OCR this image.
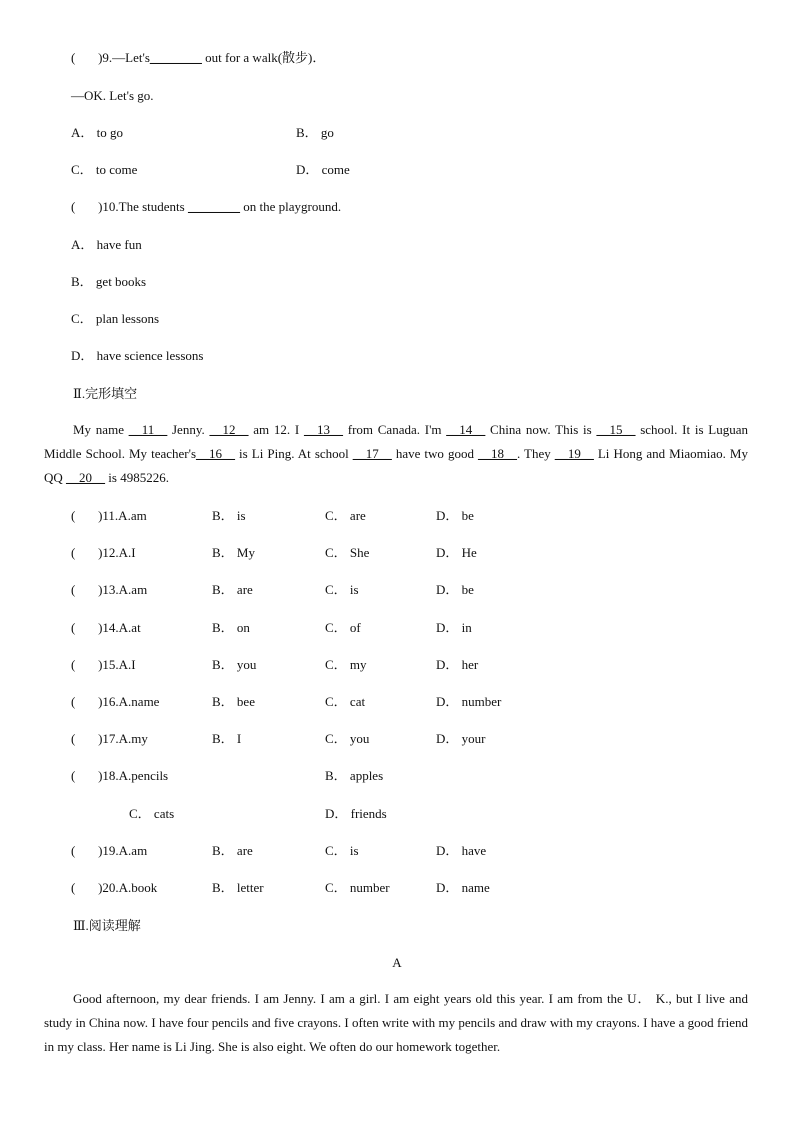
(       )9.—Let's________ out for a walk(散步)．
—OK. Let's go.
A． to go	B． go
C． to come	D． come
(       )10.The students ________ on the playground.
A． have fun
B． get books
C． plan lessons
D． have science lessons
Ⅱ.完形填空
My name __11__ Jenny. __12__ am 12. I __13__ from Canada. I'm __14__ China now. This is __15__ school. It is Luguan Middle School. My teacher's__16__ is Li Ping. At school __17__ have two good __18__. They __19__ Li Hong and Miaomiao. My QQ __20__ is 4985226.
(       )11.A.am	B． is	C． are	D． be
(       )12.A.I	B． My	C． She	D． He
(       )13.A.am	B． are	C． is	D． be
(       )14.A.at	B． on	C． of	D． in
(       )15.A.I	B． you	C． my	D． her
(       )16.A.name	B． bee	C． cat	D． number
(       )17.A.my	B． I	C． you	D． your
(       )18.A.pencils	B． apples
C． cats	D． friends
(       )19.A.am	B． are	C． is	D． have
(       )20.A.book	B． letter	C． number	D． name
Ⅲ.阅读理解
A
Good afternoon, my dear friends. I am Jenny. I am a girl. I am eight years old this year. I am from the U． K., but I live and study in China now. I have four pencils and five crayons. I often write with my pencils and draw with my crayons. I have a good friend in my class. Her name is Li Jing. She is also eight. We often do our homework together.
